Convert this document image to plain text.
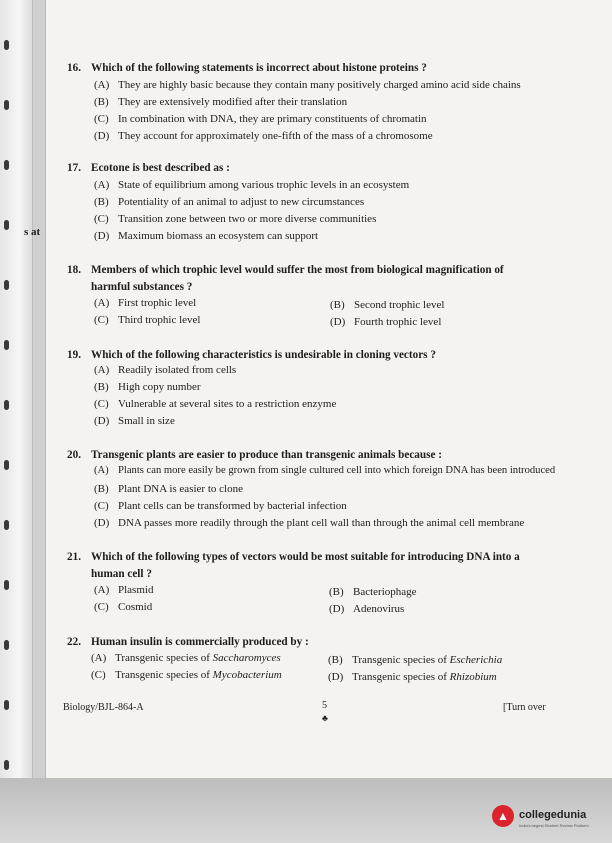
s at
16. Which of the following statements is incorrect about histone proteins ?
(A) They are highly basic because they contain many positively charged amino acid side chains
(B) They are extensively modified after their translation
(C) In combination with DNA, they are primary constituents of chromatin
(D) They account for approximately one-fifth of the mass of a chromosome
17. Ecotone is best described as :
(A) State of equilibrium among various trophic levels in an ecosystem
(B) Potentiality of an animal to adjust to new circumstances
(C) Transition zone between two or more diverse communities
(D) Maximum biomass an ecosystem can support
18. Members of which trophic level would suffer the most from biological magnification of
harmful substances ?
(A) First trophic level	(B) Second trophic level
(C) Third trophic level	(D) Fourth trophic level
19. Which of the following characteristics is undesirable in cloning vectors ?
(A) Readily isolated from cells
(B) High copy number
(C) Vulnerable at several sites to a restriction enzyme
(D) Small in size
20. Transgenic plants are easier to produce than transgenic animals because :
(A) Plants can more easily be grown from single cultured cell into which foreign DNA has been introduced
(B) Plant DNA is easier to clone
(C) Plant cells can be transformed by bacterial infection
(D) DNA passes more readily through the plant cell wall than through the animal cell membrane
21. Which of the following types of vectors would be most suitable for introducing DNA into a
human cell ?
(A) Plasmid	(B) Bacteriophage
(C) Cosmid	(D) Adenovirus
22. Human insulin is commercially produced by :
(A) Transgenic species of Saccharomyces	(B) Transgenic species of Escherichia
(C) Transgenic species of Mycobacterium	(D) Transgenic species of Rhizobium
Biology/BJL-864-A	5
♣
[Turn over
▲ collegedunia
India's largest Student Review Platform
